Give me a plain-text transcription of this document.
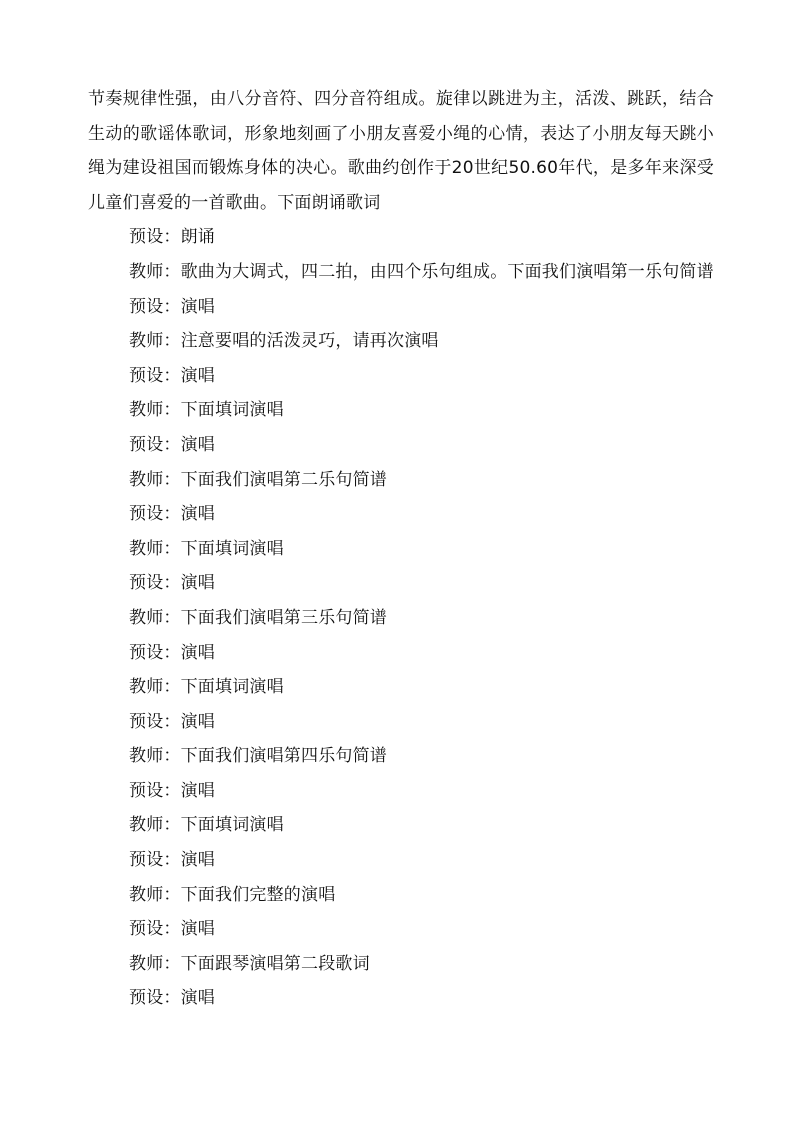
节奏规律性强，由八分音符、四分音符组成。旋律以跳进为主，活泼、跳跃，结合生动的歌谣体歌词，形象地刻画了小朋友喜爱小绳的心情，表达了小朋友每天跳小绳为建设祖国而锻炼身体的决心。歌曲约创作于20世纪50.60年代，是多年来深受儿童们喜爱的一首歌曲。下面朗诵歌词

预设：朗诵
教师：歌曲为大调式，四二拍，由四个乐句组成。下面我们演唱第一乐句简谱
预设：演唱
教师：注意要唱的活泼灵巧，请再次演唱
预设：演唱
教师：下面填词演唱
预设：演唱
教师：下面我们演唱第二乐句简谱
预设：演唱
教师：下面填词演唱
预设：演唱
教师：下面我们演唱第三乐句简谱
预设：演唱
教师：下面填词演唱
预设：演唱
教师：下面我们演唱第四乐句简谱
预设：演唱
教师：下面填词演唱
预设：演唱
教师：下面我们完整的演唱
预设：演唱
教师：下面跟琴演唱第二段歌词
预设：演唱
